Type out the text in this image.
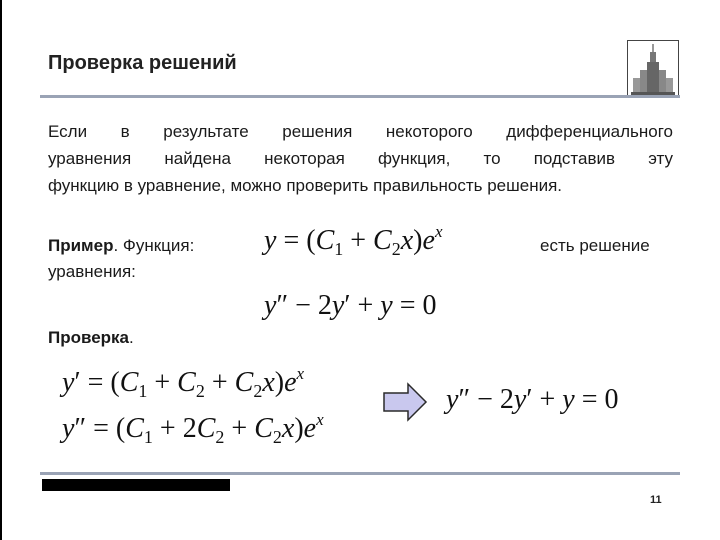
Проверка решений
Если в результате решения некоторого дифференциального
уравнения найдена некоторая функция, то подставив эту
функцию в уравнение, можно проверить правильность решения.
Пример. Функция: $y = (C_1 + C_2x)e^x$
есть решение
уравнения:
y″ − 2y′ + y = 0
Проверка.
$y' = (C_1 + C_2 + C_2x)e^x$
$y'' = (C_1 + 2C_2 + C_2x)e^x$
y″ − 2y′ + y = 0
11
